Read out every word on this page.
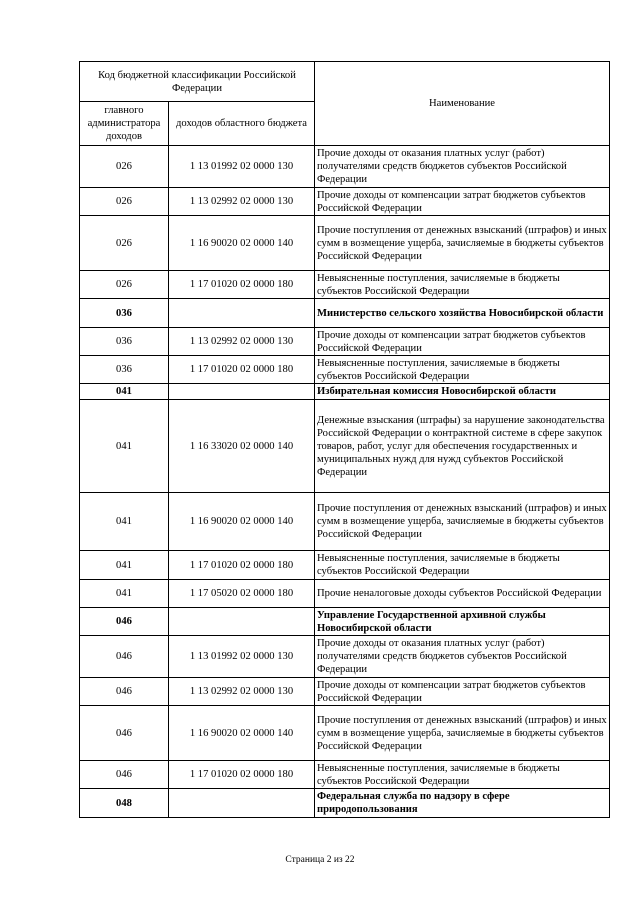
Код бюджетной классификации Российской Федерации		Наименование
главного администратора доходов	доходов областного бюджета	
026	1 13 01992 02 0000 130	Прочие доходы от оказания платных услуг (работ) получателями средств бюджетов субъектов Российской Федерации
026	1 13 02992 02 0000 130	Прочие доходы от компенсации затрат бюджетов субъектов Российской Федерации
026	1 16 90020 02 0000 140	Прочие поступления от денежных взысканий (штрафов) и иных сумм в возмещение ущерба, зачисляемые в бюджеты субъектов Российской Федерации
026	1 17 01020 02 0000 180	Невыясненные поступления, зачисляемые в бюджеты субъектов Российской Федерации
036		Министерство сельского хозяйства Новосибирской области
036	1 13 02992 02 0000 130	Прочие доходы от компенсации затрат бюджетов субъектов Российской Федерации
036	1 17 01020 02 0000 180	Невыясненные поступления, зачисляемые в бюджеты субъектов Российской Федерации
041		Избирательная комиссия Новосибирской области
041	1 16 33020 02 0000 140	Денежные взыскания (штрафы) за нарушение законодательства Российской Федерации о контрактной системе в сфере закупок товаров, работ, услуг для обеспечения государственных и муниципальных нужд для нужд субъектов Российской Федерации
041	1 16 90020 02 0000 140	Прочие поступления от денежных взысканий (штрафов) и иных сумм в возмещение ущерба, зачисляемые в бюджеты субъектов Российской Федерации
041	1 17 01020 02 0000 180	Невыясненные поступления, зачисляемые в бюджеты субъектов Российской Федерации
041	1 17 05020 02 0000 180	Прочие неналоговые доходы субъектов Российской Федерации
046		Управление Государственной архивной службы Новосибирской области
046	1 13 01992 02 0000 130	Прочие доходы от оказания платных услуг (работ) получателями средств бюджетов субъектов Российской Федерации
046	1 13 02992 02 0000 130	Прочие доходы от компенсации затрат бюджетов субъектов Российской Федерации
046	1 16 90020 02 0000 140	Прочие поступления от денежных взысканий (штрафов) и иных сумм в возмещение ущерба, зачисляемые в бюджеты субъектов Российской Федерации
046	1 17 01020 02 0000 180	Невыясненные поступления, зачисляемые в бюджеты субъектов Российской Федерации
048		Федеральная служба по надзору в сфере природопользования
Страница 2 из 22
